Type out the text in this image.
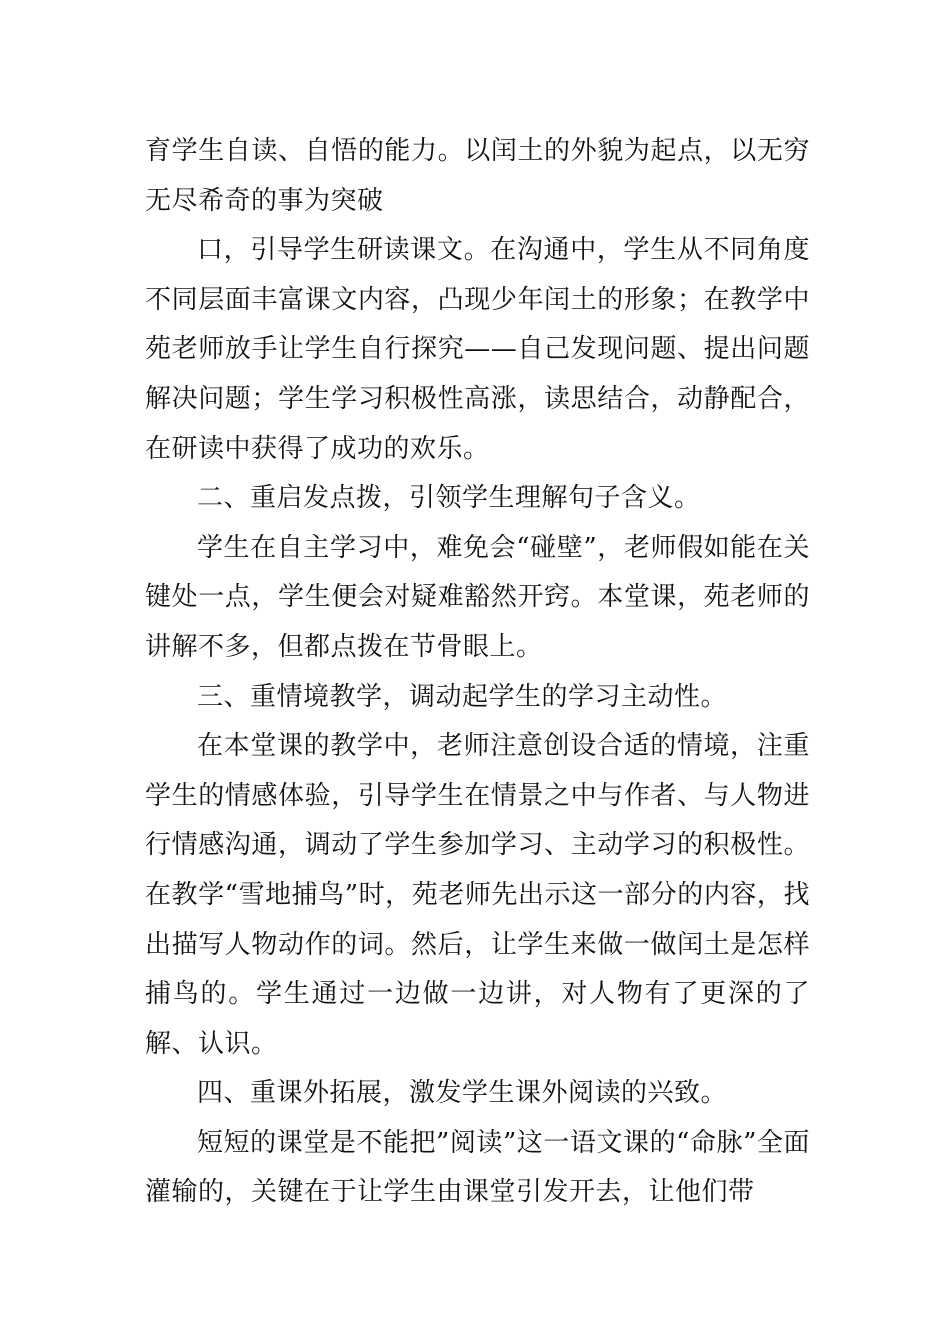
育学生自读、自悟的能力。以闰土的外貌为起点，以无穷无尽希奇的事为突破

口，引导学生研读课文。在沟通中，学生从不同角度不同层面丰富课文内容，凸现少年闰土的形象；在教学中苑老师放手让学生自行探究——自己发现问题、提出问题解决问题；学生学习积极性高涨，读思结合，动静配合，在研读中获得了成功的欢乐。

二、重启发点拨，引领学生理解句子含义。

学生在自主学习中，难免会“碰壁”，老师假如能在关键处一点，学生便会对疑难豁然开窍。本堂课，苑老师的讲解不多，但都点拨在节骨眼上。

三、重情境教学，调动起学生的学习主动性。

在本堂课的教学中，老师注意创设合适的情境，注重学生的情感体验，引导学生在情景之中与作者、与人物进行情感沟通，调动了学生参加学习、主动学习的积极性。在教学“雪地捕鸟”时，苑老师先出示这一部分的内容，找出描写人物动作的词。然后，让学生来做一做闰土是怎样捕鸟的。学生通过一边做一边讲，对人物有了更深的了解、认识。

四、重课外拓展，激发学生课外阅读的兴致。

短短的课堂是不能把”阅读”这一语文课的“命脉”全面灌输的，关键在于让学生由课堂引发开去，让他们带
